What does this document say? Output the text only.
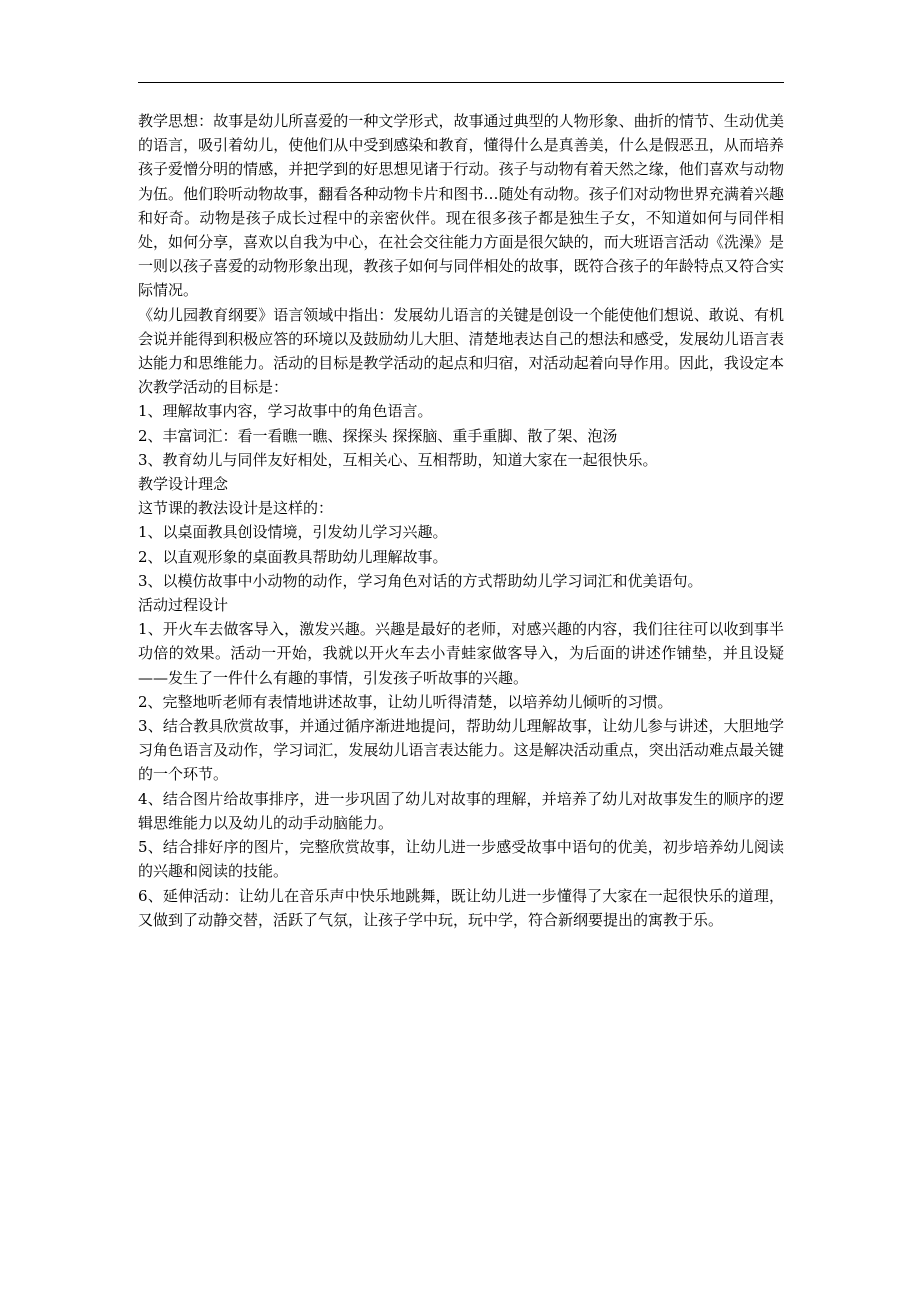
教学思想：故事是幼儿所喜爱的一种文学形式，故事通过典型的人物形象、曲折的情节、生动优美的语言，吸引着幼儿，使他们从中受到感染和教育，懂得什么是真善美，什么是假恶丑，从而培养孩子爱憎分明的情感，并把学到的好思想见诸于行动。孩子与动物有着天然之缘，他们喜欢与动物为伍。他们聆听动物故事，翻看各种动物卡片和图书…随处有动物。孩子们对动物世界充满着兴趣和好奇。动物是孩子成长过程中的亲密伙伴。现在很多孩子都是独生子女，不知道如何与同伴相处，如何分享，喜欢以自我为中心，在社会交往能力方面是很欠缺的，而大班语言活动《洗澡》是一则以孩子喜爱的动物形象出现，教孩子如何与同伴相处的故事，既符合孩子的年龄特点又符合实际情况。

《幼儿园教育纲要》语言领域中指出：发展幼儿语言的关键是创设一个能使他们想说、敢说、有机会说并能得到积极应答的环境以及鼓励幼儿大胆、清楚地表达自己的想法和感受，发展幼儿语言表达能力和思维能力。活动的目标是教学活动的起点和归宿，对活动起着向导作用。因此，我设定本次教学活动的目标是：

1、理解故事内容，学习故事中的角色语言。

2、丰富词汇：看一看瞧一瞧、探探头 探探脑、重手重脚、散了架、泡汤

3、教育幼儿与同伴友好相处，互相关心、互相帮助，知道大家在一起很快乐。

教学设计理念

这节课的教法设计是这样的：

1、以桌面教具创设情境，引发幼儿学习兴趣。

2、以直观形象的桌面教具帮助幼儿理解故事。

3、以模仿故事中小动物的动作，学习角色对话的方式帮助幼儿学习词汇和优美语句。

活动过程设计

1、开火车去做客导入，激发兴趣。兴趣是最好的老师，对感兴趣的内容，我们往往可以收到事半功倍的效果。活动一开始，我就以开火车去小青蛙家做客导入，为后面的讲述作铺垫，并且设疑——发生了一件什么有趣的事情，引发孩子听故事的兴趣。

2、完整地听老师有表情地讲述故事，让幼儿听得清楚，以培养幼儿倾听的习惯。

3、结合教具欣赏故事，并通过循序渐进地提问，帮助幼儿理解故事，让幼儿参与讲述，大胆地学习角色语言及动作，学习词汇，发展幼儿语言表达能力。这是解决活动重点，突出活动难点最关键的一个环节。

4、结合图片给故事排序，进一步巩固了幼儿对故事的理解，并培养了幼儿对故事发生的顺序的逻辑思维能力以及幼儿的动手动脑能力。

5、结合排好序的图片，完整欣赏故事，让幼儿进一步感受故事中语句的优美，初步培养幼儿阅读的兴趣和阅读的技能。

6、延伸活动：让幼儿在音乐声中快乐地跳舞，既让幼儿进一步懂得了大家在一起很快乐的道理，又做到了动静交替，活跃了气氛，让孩子学中玩，玩中学，符合新纲要提出的寓教于乐。
